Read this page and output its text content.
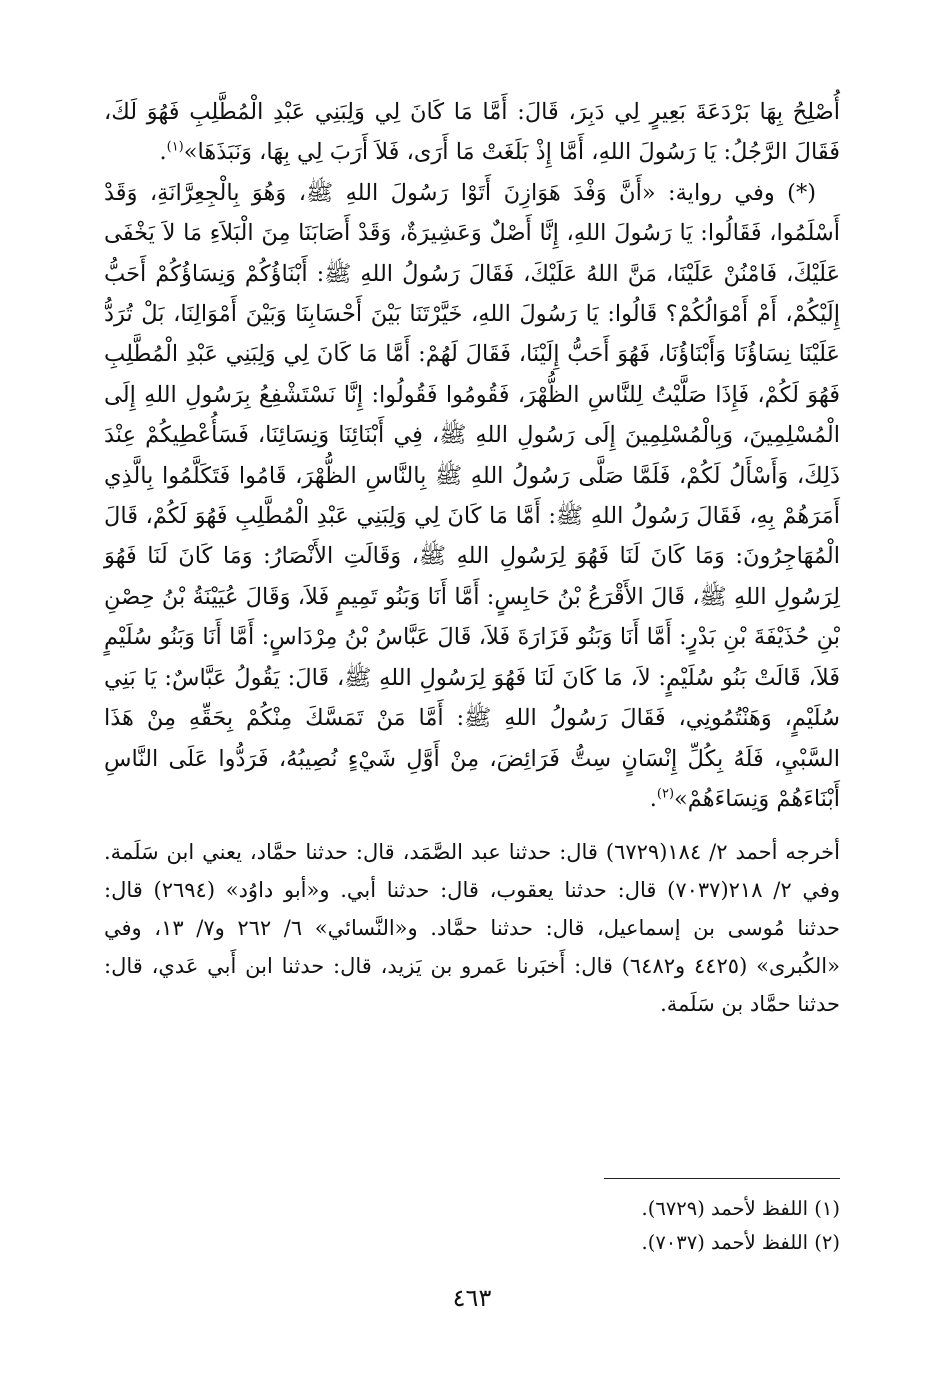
أُصْلِحُ بِهَا بَرْدَعَةَ بَعِيرٍ لِي دَبِرَ، قَالَ: أَمَّا مَا كَانَ لِي وَلِبَنِي عَبْدِ الْمُطَّلِبِ فَهُوَ لَكَ، فَقَالَ الرَّجُلُ: يَا رَسُولَ اللهِ، أَمَّا إِذْ بَلَغَتْ مَا أَرَى، فَلاَ أَرَبَ لِي بِهَا، وَنَبَذَهَا»$^{(١)}$.

(*) وفي رواية: «أَنَّ وَفْدَ هَوَازِنَ أَتَوْا رَسُولَ اللهِ ﷺ، وَهُوَ بِالْجِعِرَّانَةِ، وَقَدْ أَسْلَمُوا، فَقَالُوا: يَا رَسُولَ اللهِ، إِنَّا أَصْلٌ وَعَشِيرَةٌ، وَقَدْ أَصَابَنَا مِنَ الْبَلاَءِ مَا لاَ يَخْفَى عَلَيْكَ، فَامْنُنْ عَلَيْنَا، مَنَّ اللهُ عَلَيْكَ، فَقَالَ رَسُولُ اللهِ ﷺ: أَبْنَاؤُكُمْ وَنِسَاؤُكُمْ أَحَبُّ إِلَيْكُمْ، أَمْ أَمْوَالُكُمْ؟ قَالُوا: يَا رَسُولَ اللهِ، خَيَّرْتَنَا بَيْنَ أَحْسَابِنَا وَبَيْنَ أَمْوَالِنَا، بَلْ تُرَدُّ عَلَيْنَا نِسَاؤُنَا وَأَبْنَاؤُنَا، فَهُوَ أَحَبُّ إِلَيْنَا، فَقَالَ لَهُمْ: أَمَّا مَا كَانَ لِي وَلِبَنِي عَبْدِ الْمُطَّلِبِ فَهُوَ لَكُمْ، فَإِذَا صَلَّيْتُ لِلنَّاسِ الظُّهْرَ، فَقُومُوا فَقُولُوا: إِنَّا نَسْتَشْفِعُ بِرَسُولِ اللهِ إِلَى الْمُسْلِمِينَ، وَبِالْمُسْلِمِينَ إِلَى رَسُولِ اللهِ ﷺ، فِي أَبْنَائِنَا وَنِسَائِنَا، فَسَأُعْطِيكُمْ عِنْدَ ذَلِكَ، وَأَسْأَلُ لَكُمْ، فَلَمَّا صَلَّى رَسُولُ اللهِ ﷺ بِالنَّاسِ الظُّهْرَ، قَامُوا فَتَكَلَّمُوا بِالَّذِي أَمَرَهُمْ بِهِ، فَقَالَ رَسُولُ اللهِ ﷺ: أَمَّا مَا كَانَ لِي وَلِبَنِي عَبْدِ الْمُطَّلِبِ فَهُوَ لَكُمْ، قَالَ الْمُهَاجِرُونَ: وَمَا كَانَ لَنَا فَهُوَ لِرَسُولِ اللهِ ﷺ، وَقَالَتِ الأَنْصَارُ: وَمَا كَانَ لَنَا فَهُوَ لِرَسُولِ اللهِ ﷺ، قَالَ الأَقْرَعُ بْنُ حَابِسٍ: أَمَّا أَنَا وَبَنُو تَمِيمٍ فَلاَ، وَقَالَ عُيَيْنَةُ بْنُ حِصْنِ بْنِ حُذَيْفَةَ بْنِ بَدْرٍ: أَمَّا أَنَا وَبَنُو فَزَارَةَ فَلاَ، قَالَ عَبَّاسُ بْنُ مِرْدَاسٍ: أَمَّا أَنَا وَبَنُو سُلَيْمٍ فَلاَ، قَالَتْ بَنُو سُلَيْمٍ: لاَ، مَا كَانَ لَنَا فَهُوَ لِرَسُولِ اللهِ ﷺ، قَالَ: يَقُولُ عَبَّاسٌ: يَا بَنِي سُلَيْمٍ، وَهَنْتُمُونِي، فَقَالَ رَسُولُ اللهِ ﷺ: أَمَّا مَنْ تَمَسَّكَ مِنْكُمْ بِحَقِّهِ مِنْ هَذَا السَّبْيِ، فَلَهُ بِكُلِّ إِنْسَانٍ سِتُّ فَرَائِضَ، مِنْ أَوَّلِ شَيْءٍ نُصِيبُهُ، فَرَدُّوا عَلَى النَّاسِ أَبْنَاءَهُمْ وَنِسَاءَهُمْ»$^{(٢)}$.

أخرجه أحمد ٢/ ١٨٤(٦٧٢٩) قال: حدثنا عبد الصَّمَد، قال: حدثنا حمَّاد، يعني ابن سَلَمة. وفي ٢/ ٢١٨(٧٠٣٧) قال: حدثنا يعقوب، قال: حدثنا أبي. و«أبو داوُد» (٢٦٩٤) قال: حدثنا مُوسى بن إسماعيل، قال: حدثنا حمَّاد. و«النَّسائي» ٦/ ٢٦٢ و٧/ ١٣، وفي «الكُبرى» (٤٤٢٥ و٦٤٨٢) قال: أَخبَرنا عَمرو بن يَزيد، قال: حدثنا ابن أَبي عَدي، قال: حدثنا حمَّاد بن سَلَمة.

(١) اللفظ لأحمد (٦٧٢٩).

(٢) اللفظ لأحمد (٧٠٣٧).

٤٦٣
